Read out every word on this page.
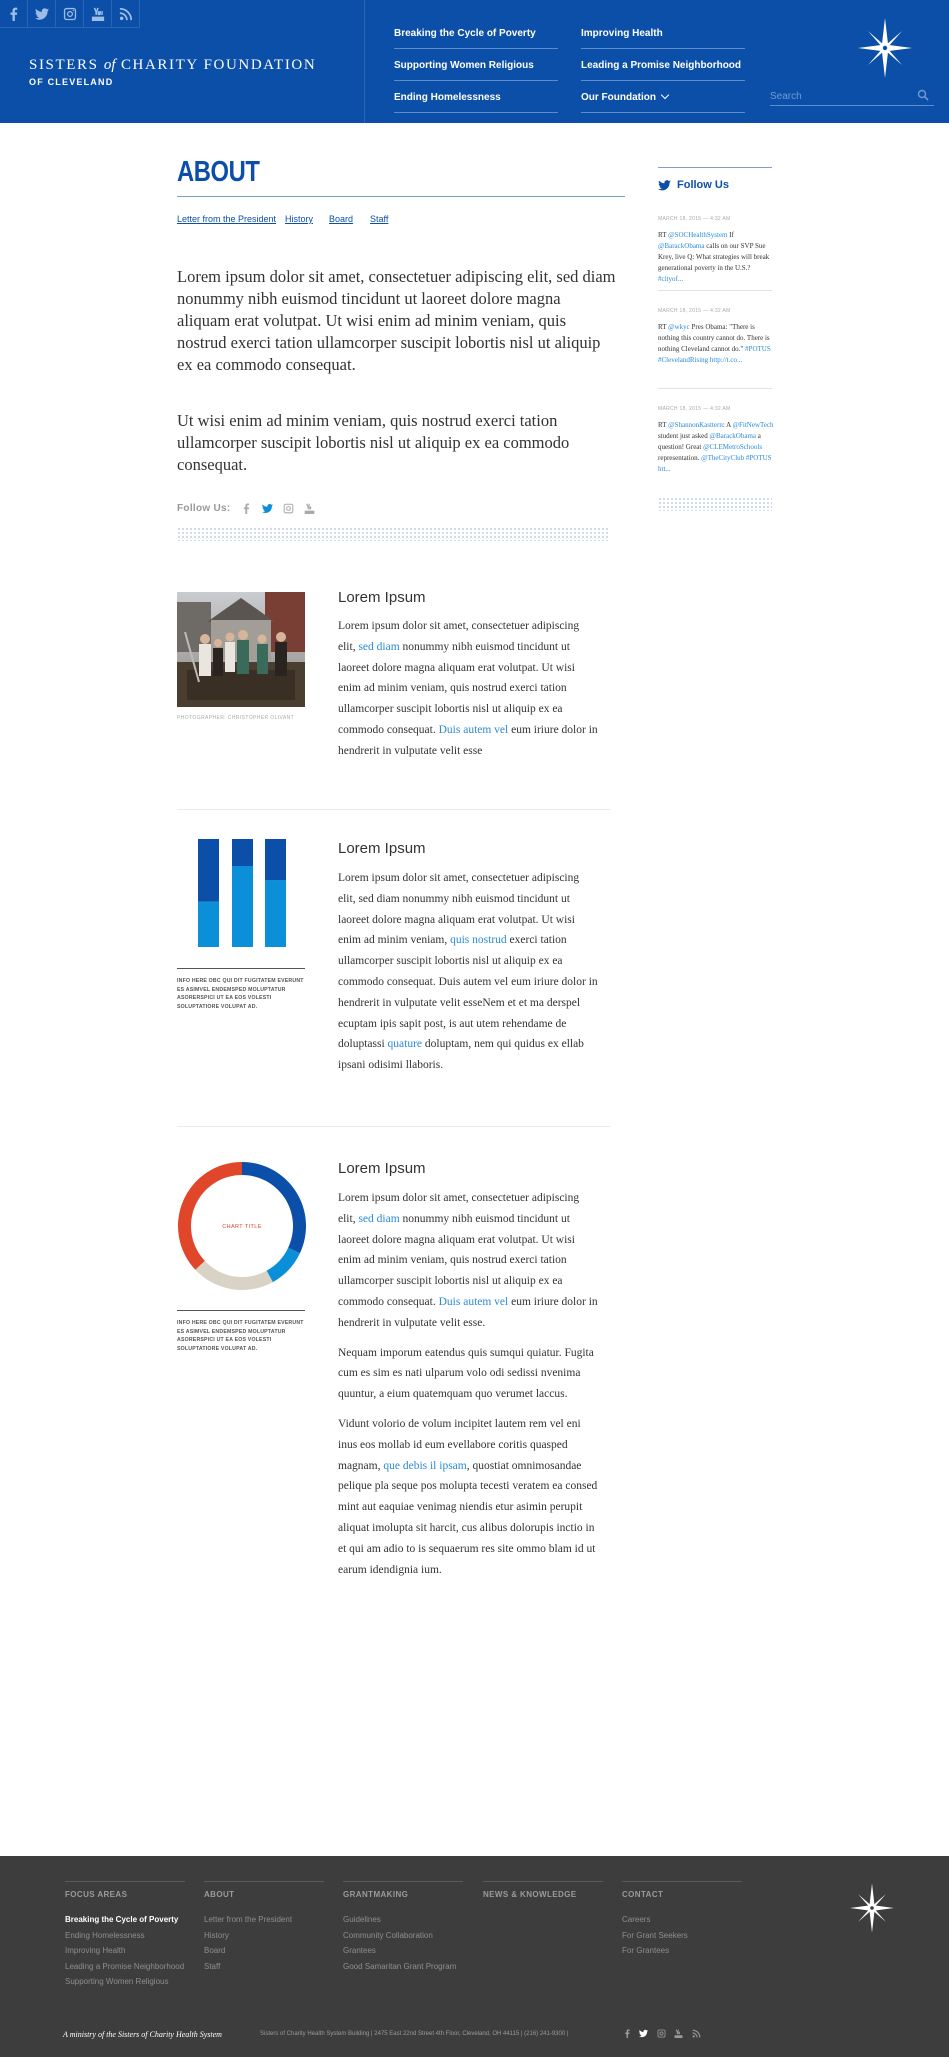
SISTERS of CHARITY FOUNDATION
OF CLEVELAND
Breaking the Cycle of Poverty
Supporting Women Religious
Ending Homelessness
Improving Health
Leading a Promise Neighborhood
Our Foundation
Search
ABOUT
Letter from the President History Board Staff

Lorem ipsum dolor sit amet, consectetuer adipiscing elit, sed diam nonummy nibh euismod tincidunt ut laoreet dolore magna aliquam erat volutpat. Ut wisi enim ad minim veniam, quis nostrud exerci tation ullamcorper suscipit lobortis nisl ut aliquip ex ea commodo consequat.

Ut wisi enim ad minim veniam, quis nostrud exerci tation ullamcorper suscipit lobortis nisl ut aliquip ex ea commodo consequat.

Follow Us:
Follow Us
MARCH 18, 2015 — 4:32 AM
RT @SOCHealthSystem If @BarackObama calls on our SVP Sue Krey, live Q: What strategies will break generational poverty in the U.S.? #cityof...
MARCH 18, 2015 — 4:32 AM
RT @wkyc Pres Obama: "There is nothing this country cannot do. There is nothing Cleveland cannot do." #POTUS #ClevelandRising http://t.co...
MARCH 18, 2015 — 4:32 AM
RT @ShannonKasttern: A @FitNewTech student just asked @BarackObama a question! Great @CLEMetroSchools representation. @TheCityClub #POTUS htt...
PHOTOGRAPHER: CHRISTOPHER OLIVANT
Lorem Ipsum

Lorem ipsum dolor sit amet, consectetuer adipiscing elit, sed diam nonummy nibh euismod tincidunt ut laoreet dolore magna aliquam erat volutpat. Ut wisi enim ad minim veniam, quis nostrud exerci tation ullamcorper suscipit lobortis nisl ut aliquip ex ea commodo consequat. Duis autem vel eum iriure dolor in hendrerit in vulputate velit esse

INFO HERE OBC QUI DIT FUGITATEM EVERUNT ES ASIMVEL ENDEMSPED MOLUPTATUR ASORERSPICI UT EA EOS VOLESTI SOLUPTATIORE VOLUPAT AD.
Lorem Ipsum

Lorem ipsum dolor sit amet, consectetuer adipiscing elit, sed diam nonummy nibh euismod tincidunt ut laoreet dolore magna aliquam erat volutpat. Ut wisi enim ad minim veniam, quis nostrud exerci tation ullamcorper suscipit lobortis nisl ut aliquip ex ea commodo consequat. Duis autem vel eum iriure dolor in hendrerit in vulputate velit esseNem et et ma derspel ecuptam ipis sapit post, is aut utem rehendame de doluptassi quature doluptam, nem qui quidus ex ellab ipsani odisimi llaboris.

CHART TITLE
INFO HERE OBC QUI DIT FUGITATEM EVERUNT ES ASIMVEL ENDEMSPED MOLUPTATUR ASORERSPICI UT EA EOS VOLESTI SOLUPTATIORE VOLUPAT AD.
Lorem Ipsum

Lorem ipsum dolor sit amet, consectetuer adipiscing elit, sed diam nonummy nibh euismod tincidunt ut laoreet dolore magna aliquam erat volutpat. Ut wisi enim ad minim veniam, quis nostrud exerci tation ullamcorper suscipit lobortis nisl ut aliquip ex ea commodo consequat. Duis autem vel eum iriure dolor in hendrerit in vulputate velit esse.

Nequam imporum eatendus quis sumqui quiatur. Fugita cum es sim es nati ulparum volo odi sedissi nvenima quuntur, a eium quatemquam quo verumet laccus.

Vidunt volorio de volum incipitet lautem rem vel eni inus eos mollab id eum evellabore coritis quasped magnam, que debis il ipsam, quostiat omnimosandae pelique pla seque pos molupta tecesti veratem ea consed mint aut eaquiae venimag niendis etur asimin perupit aliquat imolupta sit harcit, cus alibus dolorupis inctio in et qui am adio to is sequaerum res site ommo blam id ut earum idendignia ium.

FOCUS AREAS
Breaking the Cycle of Poverty
Ending Homelessness
Improving Health
Leading a Promise Neighborhood
Supporting Women Religious
ABOUT
Letter from the President
History
Board
Staff
GRANTMAKING
Guidelines
Community Collaboration
Grantees
Good Samaritan Grant Program
NEWS & KNOWLEDGE	CONTACT
Careers
For Grant Seekers
For Grantees
A ministry of the Sisters of Charity Health System	Sisters of Charity Health System Building | 2475 East 22nd Street 4th Floor, Cleveland, OH 44115 | (216) 241-9300 |
